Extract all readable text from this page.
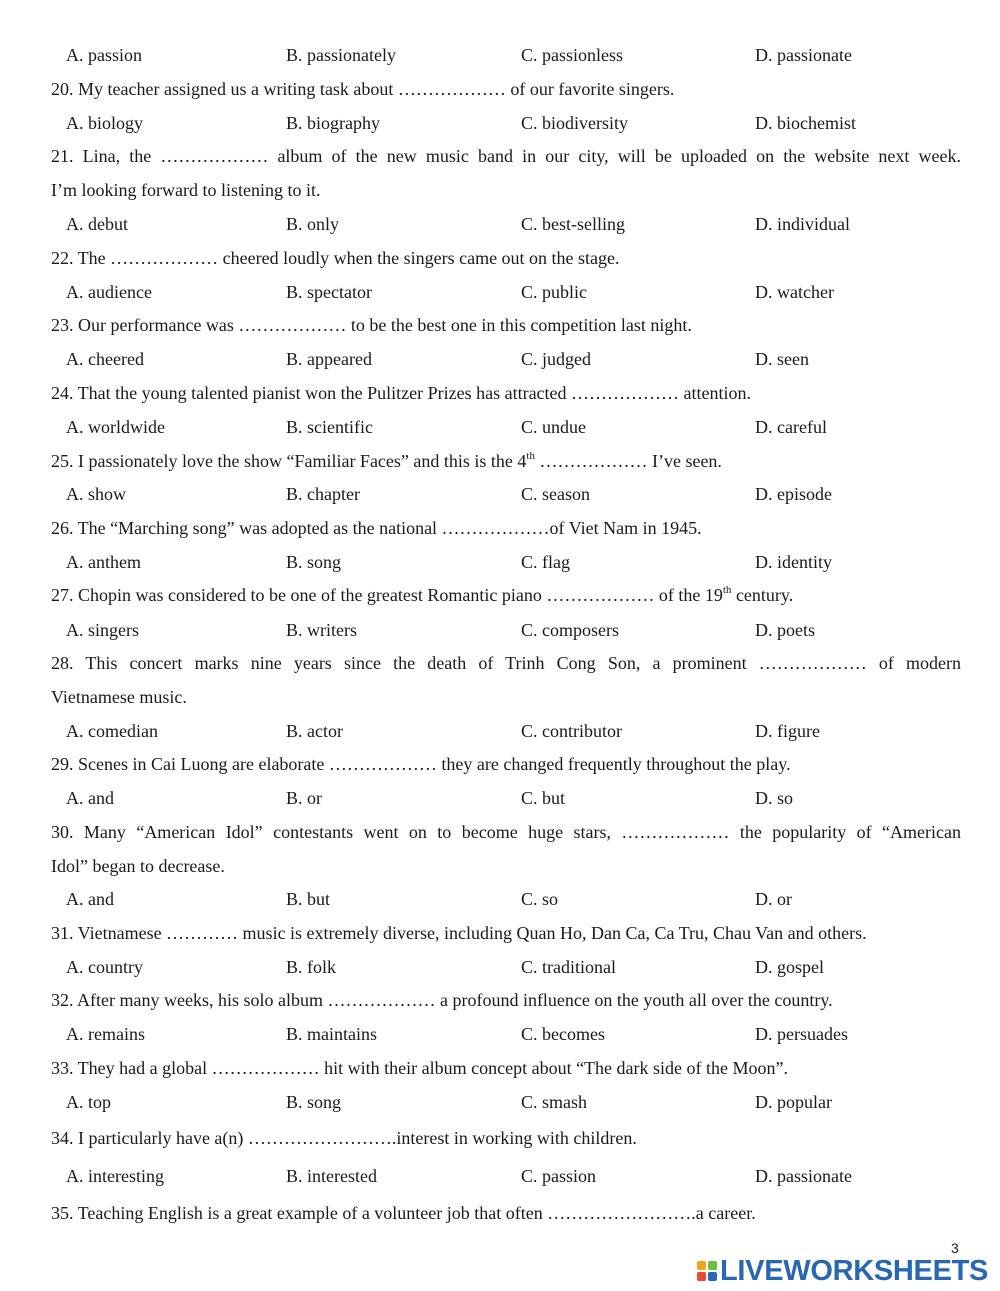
A. passion	B. passionately	C. passionless	D. passionate
20. My teacher assigned us a writing task about ……………… of our favorite singers.
A. biology	B. biography	C. biodiversity	D. biochemist
21. Lina, the ……………… album of the new music band in our city, will be uploaded on the website next week.
I’m looking forward to listening to it.
A. debut	B. only	C. best-selling	D. individual
22. The ……………… cheered loudly when the singers came out on the stage.
A. audience	B. spectator	C. public	D. watcher
23. Our performance was ……………… to be the best one in this competition last night.
A. cheered	B. appeared	C. judged	D. seen
24. That the young talented pianist won the Pulitzer Prizes has attracted ……………… attention.
A. worldwide	B. scientific	C. undue	D. careful
25. I passionately love the show “Familiar Faces” and this is the 4th ……………… I’ve seen.
A. show	B. chapter	C. season	D. episode
26. The “Marching song” was adopted as the national ………………of Viet Nam in 1945.
A. anthem	B. song	C. flag	D. identity
27. Chopin was considered to be one of the greatest Romantic piano ……………… of the 19th century.
A. singers	B. writers	C. composers	D. poets
28. This concert marks nine years since the death of Trinh Cong Son, a prominent ……………… of modern
Vietnamese music.
A. comedian	B. actor	C. contributor	D. figure
29. Scenes in Cai Luong are elaborate ……………… they are changed frequently throughout the play.
A. and	B. or	C. but	D. so
30. Many “American Idol” contestants went on to become huge stars, ……………… the popularity of “American
Idol” began to decrease.
A. and	B. but	C. so	D. or
31. Vietnamese ………… music is extremely diverse, including Quan Ho, Dan Ca, Ca Tru, Chau Van and others.
A. country	B. folk	C. traditional	D. gospel
32. After many weeks, his solo album ……………… a profound influence on the youth all over the country.
A. remains	B. maintains	C. becomes	D. persuades
33. They had a global ……………… hit with their album concept about “The dark side of the Moon”.
A. top	B. song	C. smash	D. popular
34. I particularly have a(n) …………………….interest in working with children.
A. interesting	B. interested	C. passion	D. passionate
35. Teaching English is a great example of a volunteer job that often …………………….a career.
3
LIVEWORKSHEETS
